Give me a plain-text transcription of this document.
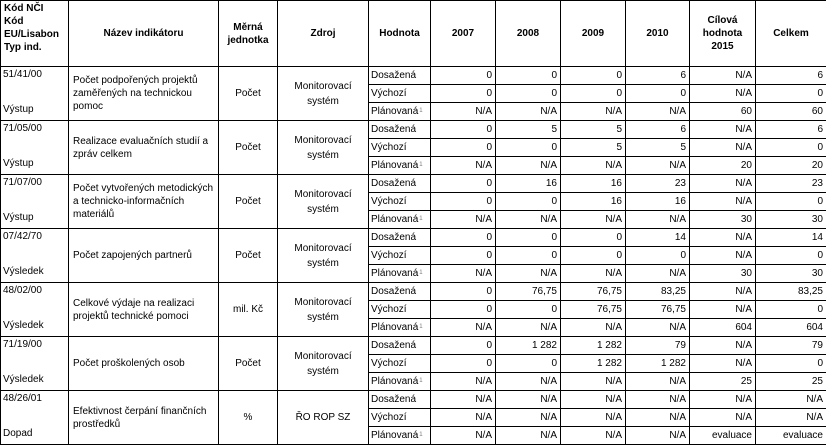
Kód NČI
Kód EU/Lisabon
Typ ind.	Název indikátoru	Měrná jednotka	Zdroj	Hodnota	2007	2008	2009	2010	Cílová hodnota 2015	Celkem

51/41/00
Výstup	Počet podpořených projektů zaměřených na technickou pomoc	Počet	Monitorovací systém	Dosažená	0	0	0	6	N/A	6
				Výchozí	0	0	0	0	N/A	0
				Plánovaná$^1$	N/A	N/A	N/A	N/A	60	60

71/05/00
Výstup	Realizace evaluačních studií a zpráv celkem	Počet	Monitorovací systém	Dosažená	0	5	5	6	N/A	6
				Výchozí	0	0	5	5	N/A	0
				Plánovaná$^1$	N/A	N/A	N/A	N/A	20	20

71/07/00
Výstup	Počet vytvořených metodických a technicko-informačních materiálů	Počet	Monitorovací systém	Dosažená	0	16	16	23	N/A	23
				Výchozí	0	0	16	16	N/A	0
				Plánovaná$^1$	N/A	N/A	N/A	N/A	30	30

07/42/70
Výsledek	Počet zapojených partnerů	Počet	Monitorovací systém	Dosažená	0	0	0	14	N/A	14
				Výchozí	0	0	0	0	N/A	0
				Plánovaná$^1$	N/A	N/A	N/A	N/A	30	30

48/02/00
Výsledek	Celkové výdaje na realizaci projektů technické pomoci	mil. Kč	Monitorovací systém	Dosažená	0	76,75	76,75	83,25	N/A	83,25
				Výchozí	0	0	76,75	76,75	N/A	0
				Plánovaná$^1$	N/A	N/A	N/A	N/A	604	604

71/19/00
Výsledek	Počet proškolených osob	Počet	Monitorovací systém	Dosažená	0	1 282	1 282	79	N/A	79
				Výchozí	0	0	1 282	1 282	N/A	0
				Plánovaná$^1$	N/A	N/A	N/A	N/A	25	25

48/26/01
Dopad	Efektivnost čerpání finančních prostředků	%	ŘO ROP SZ	Dosažená	N/A	N/A	N/A	N/A	N/A	N/A
				Výchozí	N/A	N/A	N/A	N/A	N/A	N/A
				Plánovaná$^1$	N/A	N/A	N/A	N/A	evaluace	evaluace
